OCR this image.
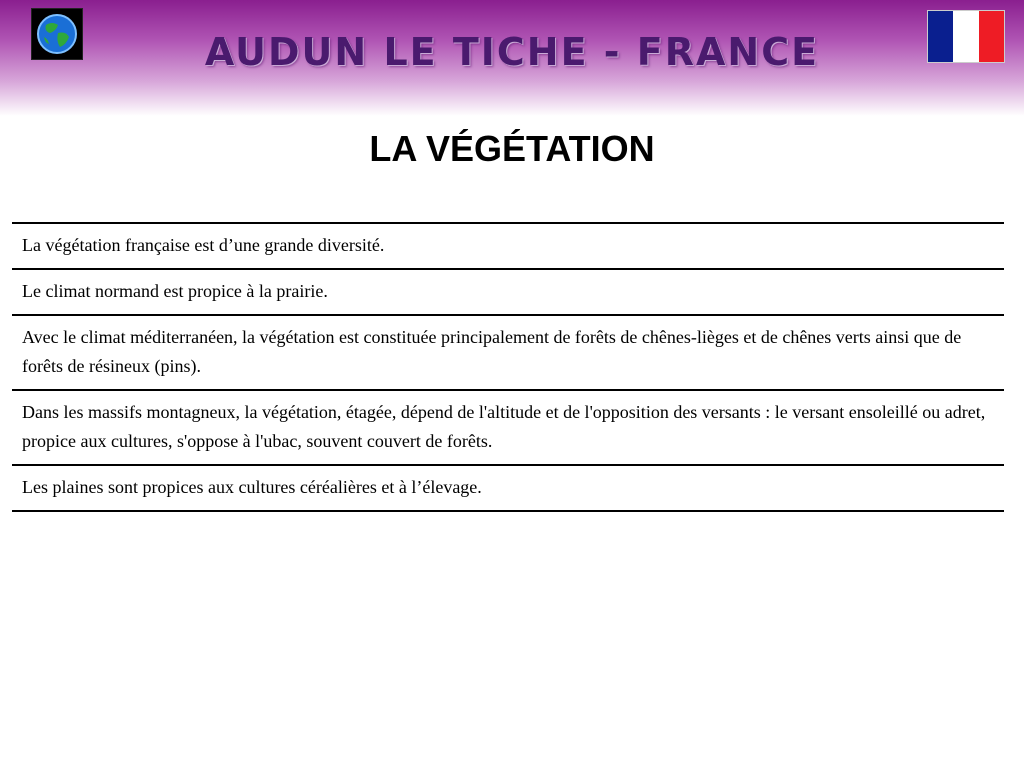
AUDUN LE TICHE - FRANCE
LA VÉGÉTATION
La végétation française est d’une grande diversité.
Le climat normand est propice à la prairie.
Avec le climat méditerranéen, la végétation est constituée principalement de forêts de chênes-lièges et de chênes verts ainsi que de forêts de résineux (pins).
Dans les massifs montagneux, la végétation, étagée, dépend de l'altitude et de l'opposition des versants : le versant ensoleillé ou adret, propice aux cultures, s'oppose à l'ubac, souvent couvert de forêts.
Les plaines sont propices aux cultures céréalières et à l’élevage.
